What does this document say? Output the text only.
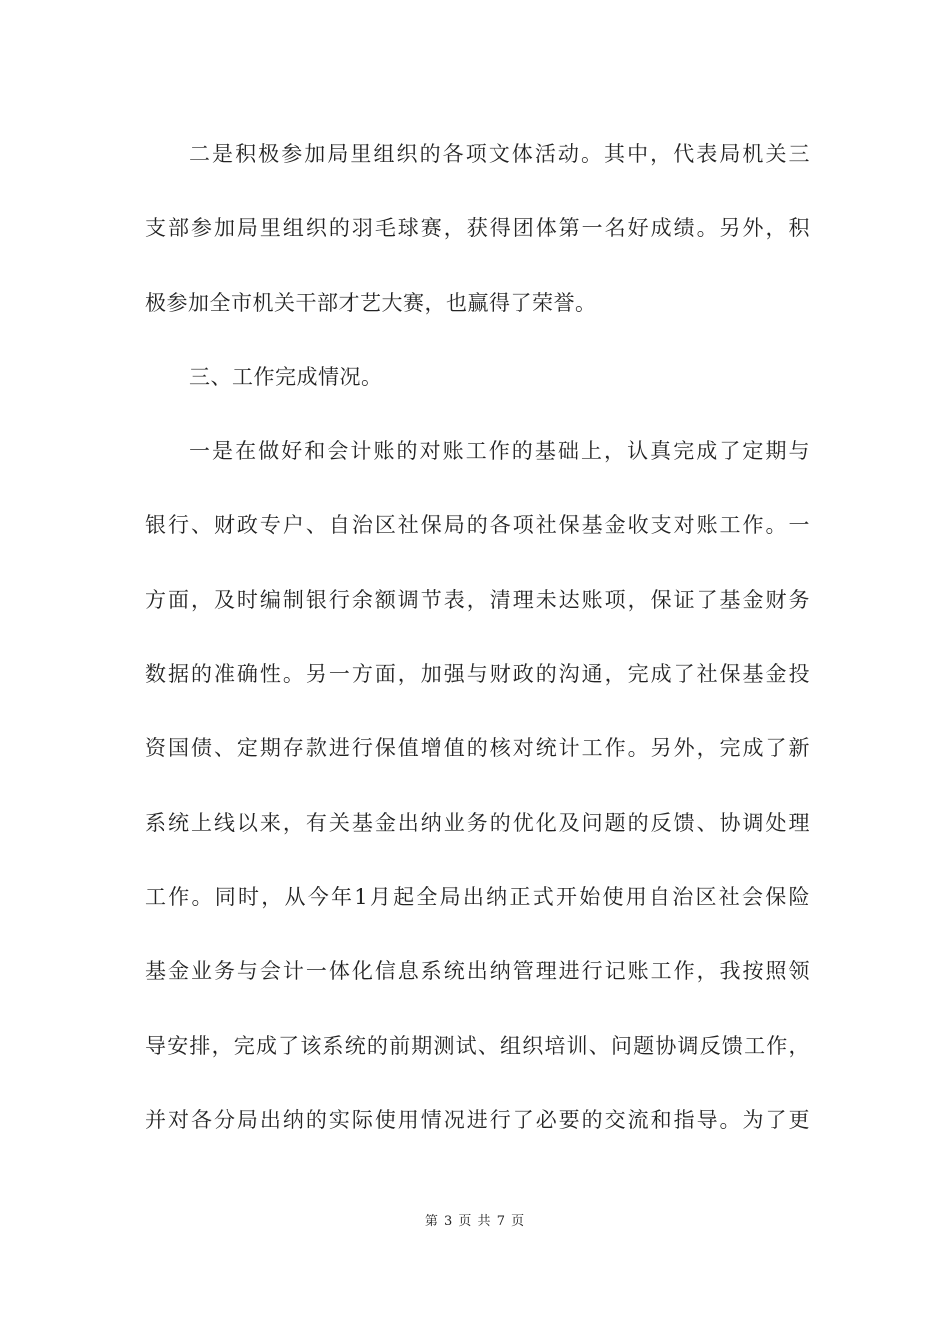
二是积极参加局里组织的各项文体活动。其中，代表局机关三
支部参加局里组织的羽毛球赛，获得团体第一名好成绩。另外，积
极参加全市机关干部才艺大赛，也赢得了荣誉。
三、工作完成情况。
一是在做好和会计账的对账工作的基础上，认真完成了定期与
银行、财政专户、自治区社保局的各项社保基金收支对账工作。一
方面，及时编制银行余额调节表，清理未达账项，保证了基金财务
数据的准确性。另一方面，加强与财政的沟通，完成了社保基金投
资国债、定期存款进行保值增值的核对统计工作。另外，完成了新
系统上线以来，有关基金出纳业务的优化及问题的反馈、协调处理
工作。同时，从今年1月起全局出纳正式开始使用自治区社会保险
基金业务与会计一体化信息系统出纳管理进行记账工作，我按照领
导安排，完成了该系统的前期测试、组织培训、问题协调反馈工作，
并对各分局出纳的实际使用情况进行了必要的交流和指导。为了更
第 3 页 共 7 页
